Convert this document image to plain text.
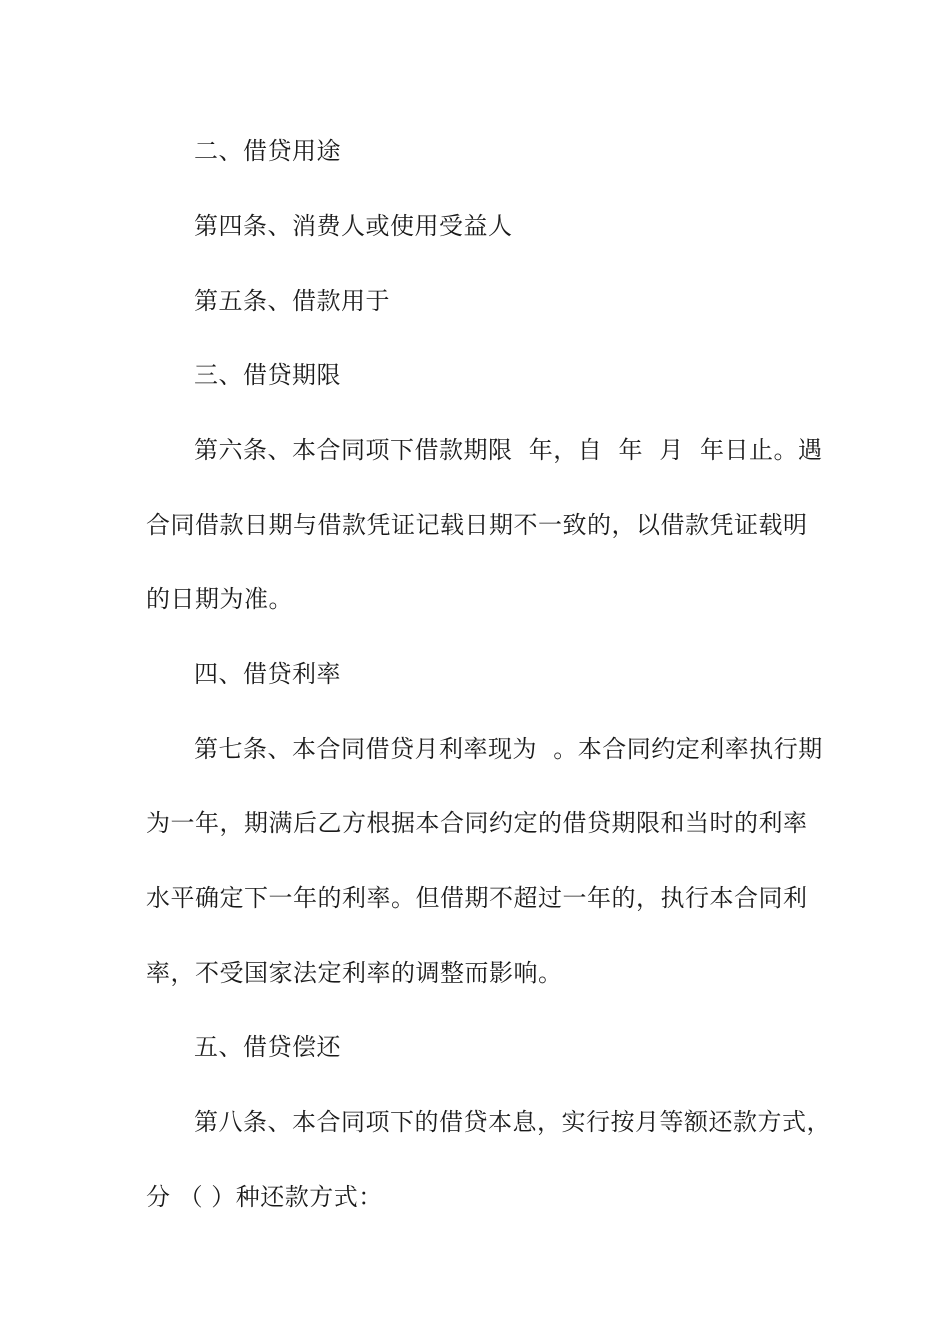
二、借贷用途
第四条、消费人或使用受益人
第五条、借款用于
三、借贷期限
第六条、本合同项下借款期限  年，自  年  月  年日止。遇
合同借款日期与借款凭证记载日期不一致的，以借款凭证载明
的日期为准。
四、借贷利率
第七条、本合同借贷月利率现为  。本合同约定利率执行期
为一年，期满后乙方根据本合同约定的借贷期限和当时的利率
水平确定下一年的利率。但借期不超过一年的，执行本合同利
率，不受国家法定利率的调整而影响。
五、借贷偿还
第八条、本合同项下的借贷本息，实行按月等额还款方式，
分 （ ）种还款方式：
